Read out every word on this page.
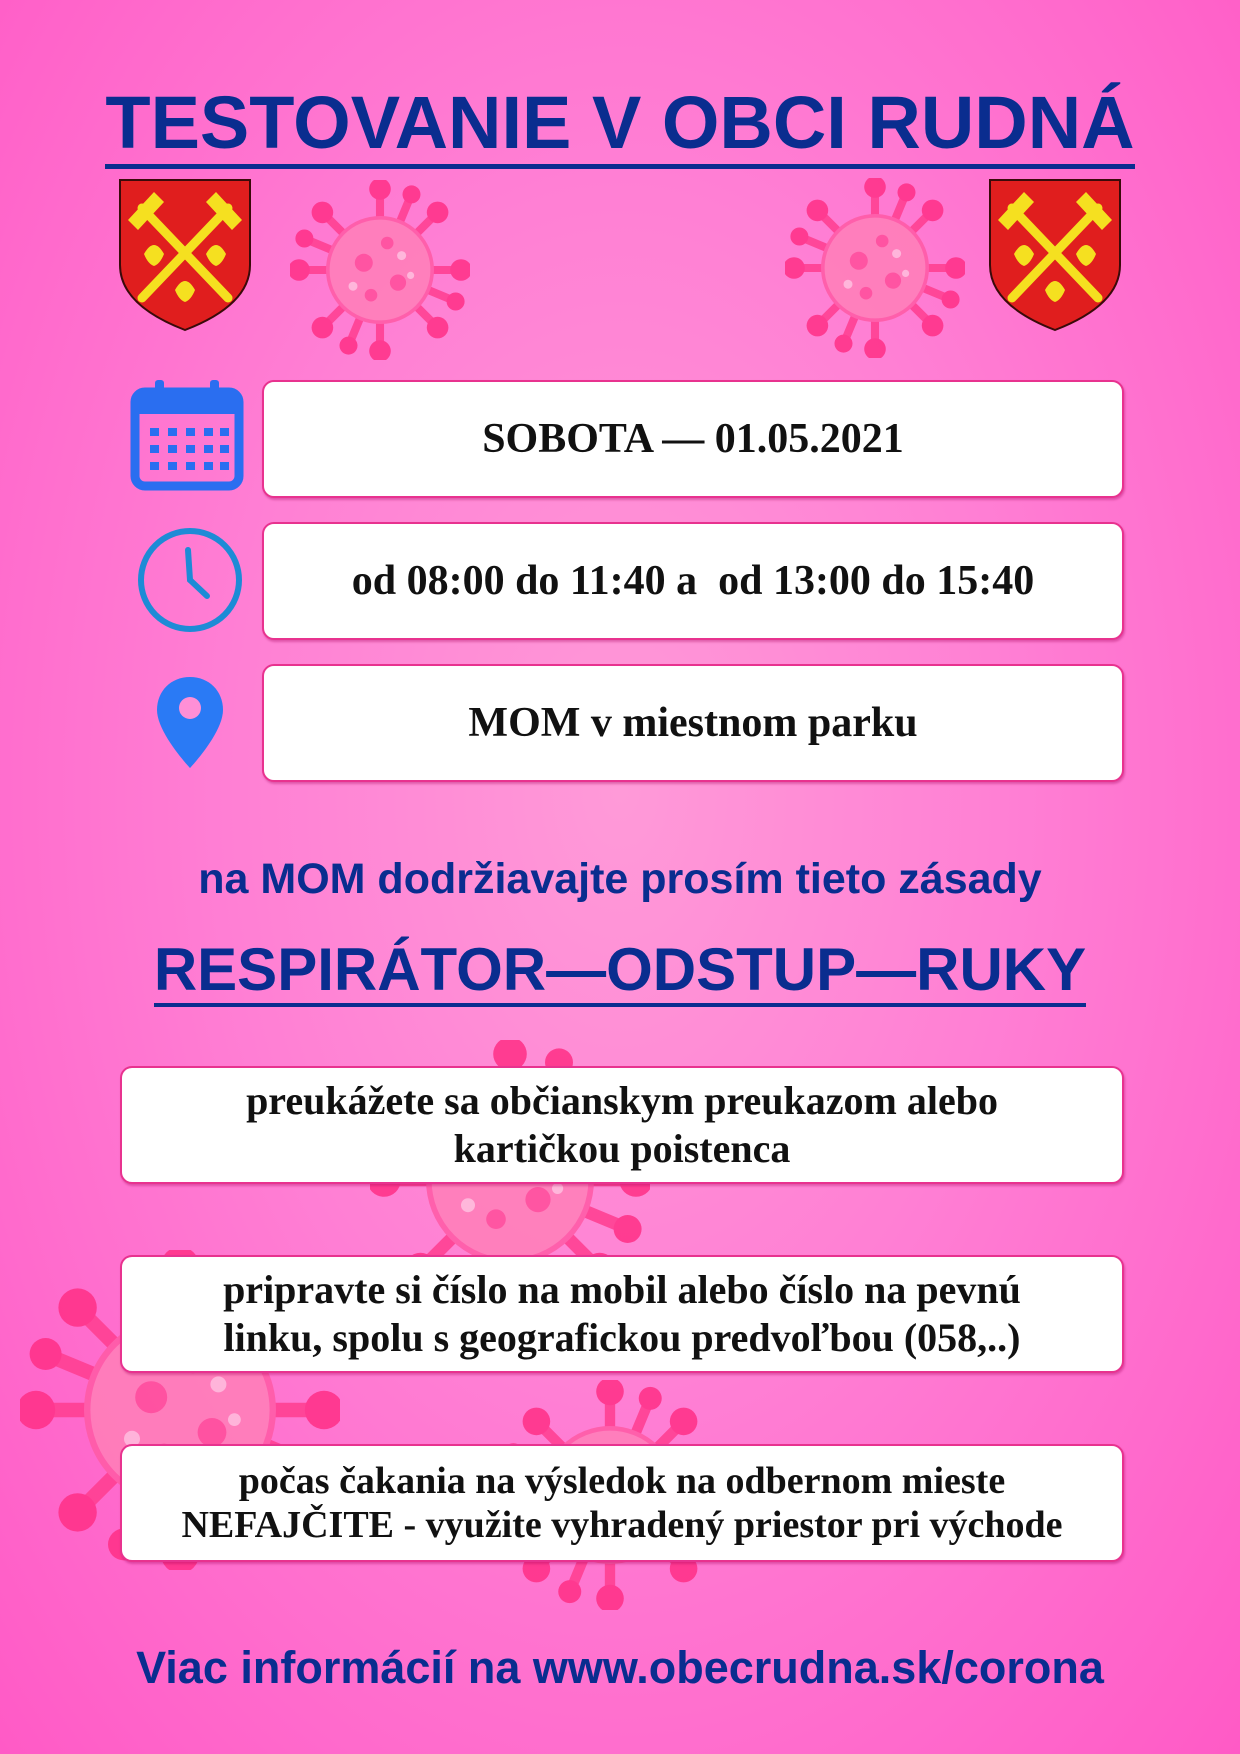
TESTOVANIE V OBCI RUDNÁ
SOBOTA — 01.05.2021
od 08:00 do 11:40 a  od 13:00 do 15:40
MOM v miestnom parku
na MOM dodržiavajte prosím tieto zásady
RESPIRÁTOR—ODSTUP—RUKY
preukážete sa občianskym preukazom alebo
kartičkou poistenca
pripravte si číslo na mobil alebo číslo na pevnú
linku, spolu s geografickou predvoľbou (058,..)
počas čakania na výsledok na odbernom mieste
NEFAJČITE - využite vyhradený priestor pri východe
Viac informácií na www.obecrudna.sk/corona
